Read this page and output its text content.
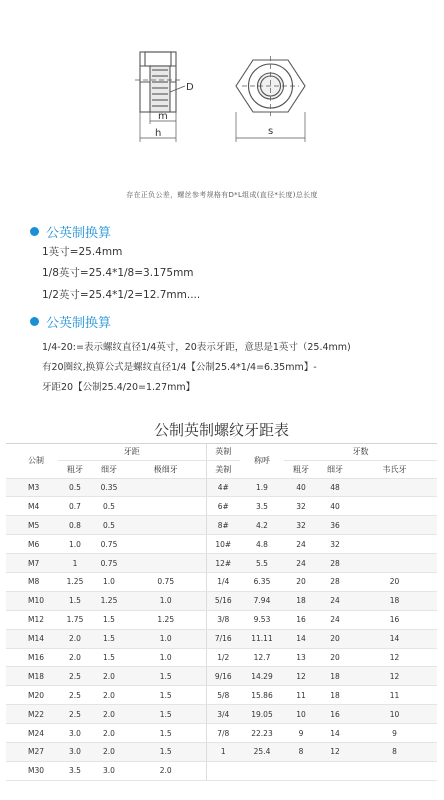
D
m
h	s
存在正负公差，螺丝参考规格有D*L组成(直径*长度)总长度
公英制换算
1英寸=25.4mm
1/8英寸=25.4*1/8=3.175mm
1/2英寸=25.4*1/2=12.7mm....
公英制换算
1/4-20:=表示螺纹直径1/4英寸，20表示牙距，意思是1英寸（25.4mm)
有20圈纹,换算公式是螺纹直径1/4【公制25.4*1/4=6.35mm】-
牙距20【公制25.4/20=1.27mm】
公制英制螺纹牙距表
公制	牙距			英制	称呼	牙数		
	粗牙	细牙	极细牙	美制		粗牙	细牙	韦氏牙
M3	0.5	0.35		4#	1.9	40	48	
M4	0.7	0.5		6#	3.5	32	40	
M5	0.8	0.5		8#	4.2	32	36	
M6	1.0	0.75		10#	4.8	24	32	
M7	1	0.75		12#	5.5	24	28	
M8	1.25	1.0	0.75	1/4	6.35	20	28	20
M10	1.5	1.25	1.0	5/16	7.94	18	24	18
M12	1.75	1.5	1.25	3/8	9.53	16	24	16
M14	2.0	1.5	1.0	7/16	11.11	14	20	14
M16	2.0	1.5	1.0	1/2	12.7	13	20	12
M18	2.5	2.0	1.5	9/16	14.29	12	18	12
M20	2.5	2.0	1.5	5/8	15.86	11	18	11
M22	2.5	2.0	1.5	3/4	19.05	10	16	10
M24	3.0	2.0	1.5	7/8	22.23	9	14	9
M27	3.0	2.0	1.5	1	25.4	8	12	8
M30	3.5	3.0	2.0					
